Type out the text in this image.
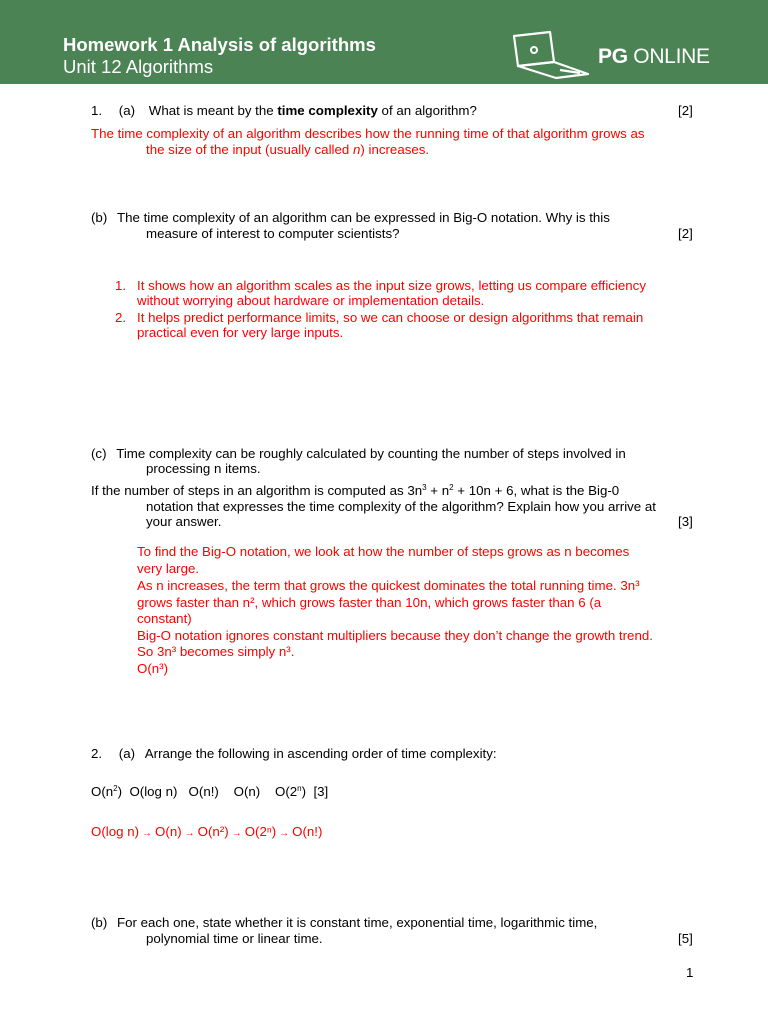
Homework 1 Analysis of algorithms
Unit 12 Algorithms	PG ONLINE
1. (a) What is meant by the time complexity of an algorithm?	[2]
The time complexity of an algorithm describes how the running time of that algorithm grows as
the size of the input (usually called n) increases.
(b) The time complexity of an algorithm can be expressed in Big-O notation. Why is this
measure of interest to computer scientists?	[2]
1. It shows how an algorithm scales as the input size grows, letting us compare efficiency
without worrying about hardware or implementation details.
2. It helps predict performance limits, so we can choose or design algorithms that remain
practical even for very large inputs.
(c) Time complexity can be roughly calculated by counting the number of steps involved in
processing n items.
If the number of steps in an algorithm is computed as $3n^3 + n^2 + 10n + 6$, what is the Big-0
notation that expresses the time complexity of the algorithm? Explain how you arrive at
your answer.	[3]
To find the Big-O notation, we look at how the number of steps grows as n becomes
very large.
As n increases, the term that grows the quickest dominates the total running time. 3n³
grows faster than n², which grows faster than 10n, which grows faster than 6 (a
constant)
Big-O notation ignores constant multipliers because they don’t change the growth trend.
So 3n³ becomes simply n³.
O(n³)
2. (a) Arrange the following in ascending order of time complexity:
$O(n^2)$  O(log n)   O(n!)    O(n)    O(2$^n$)  [3]
O(log n) → O(n) → O(n²) → O(2ⁿ) → O(n!)
(b) For each one, state whether it is constant time, exponential time, logarithmic time,
polynomial time or linear time.	[5]
1
